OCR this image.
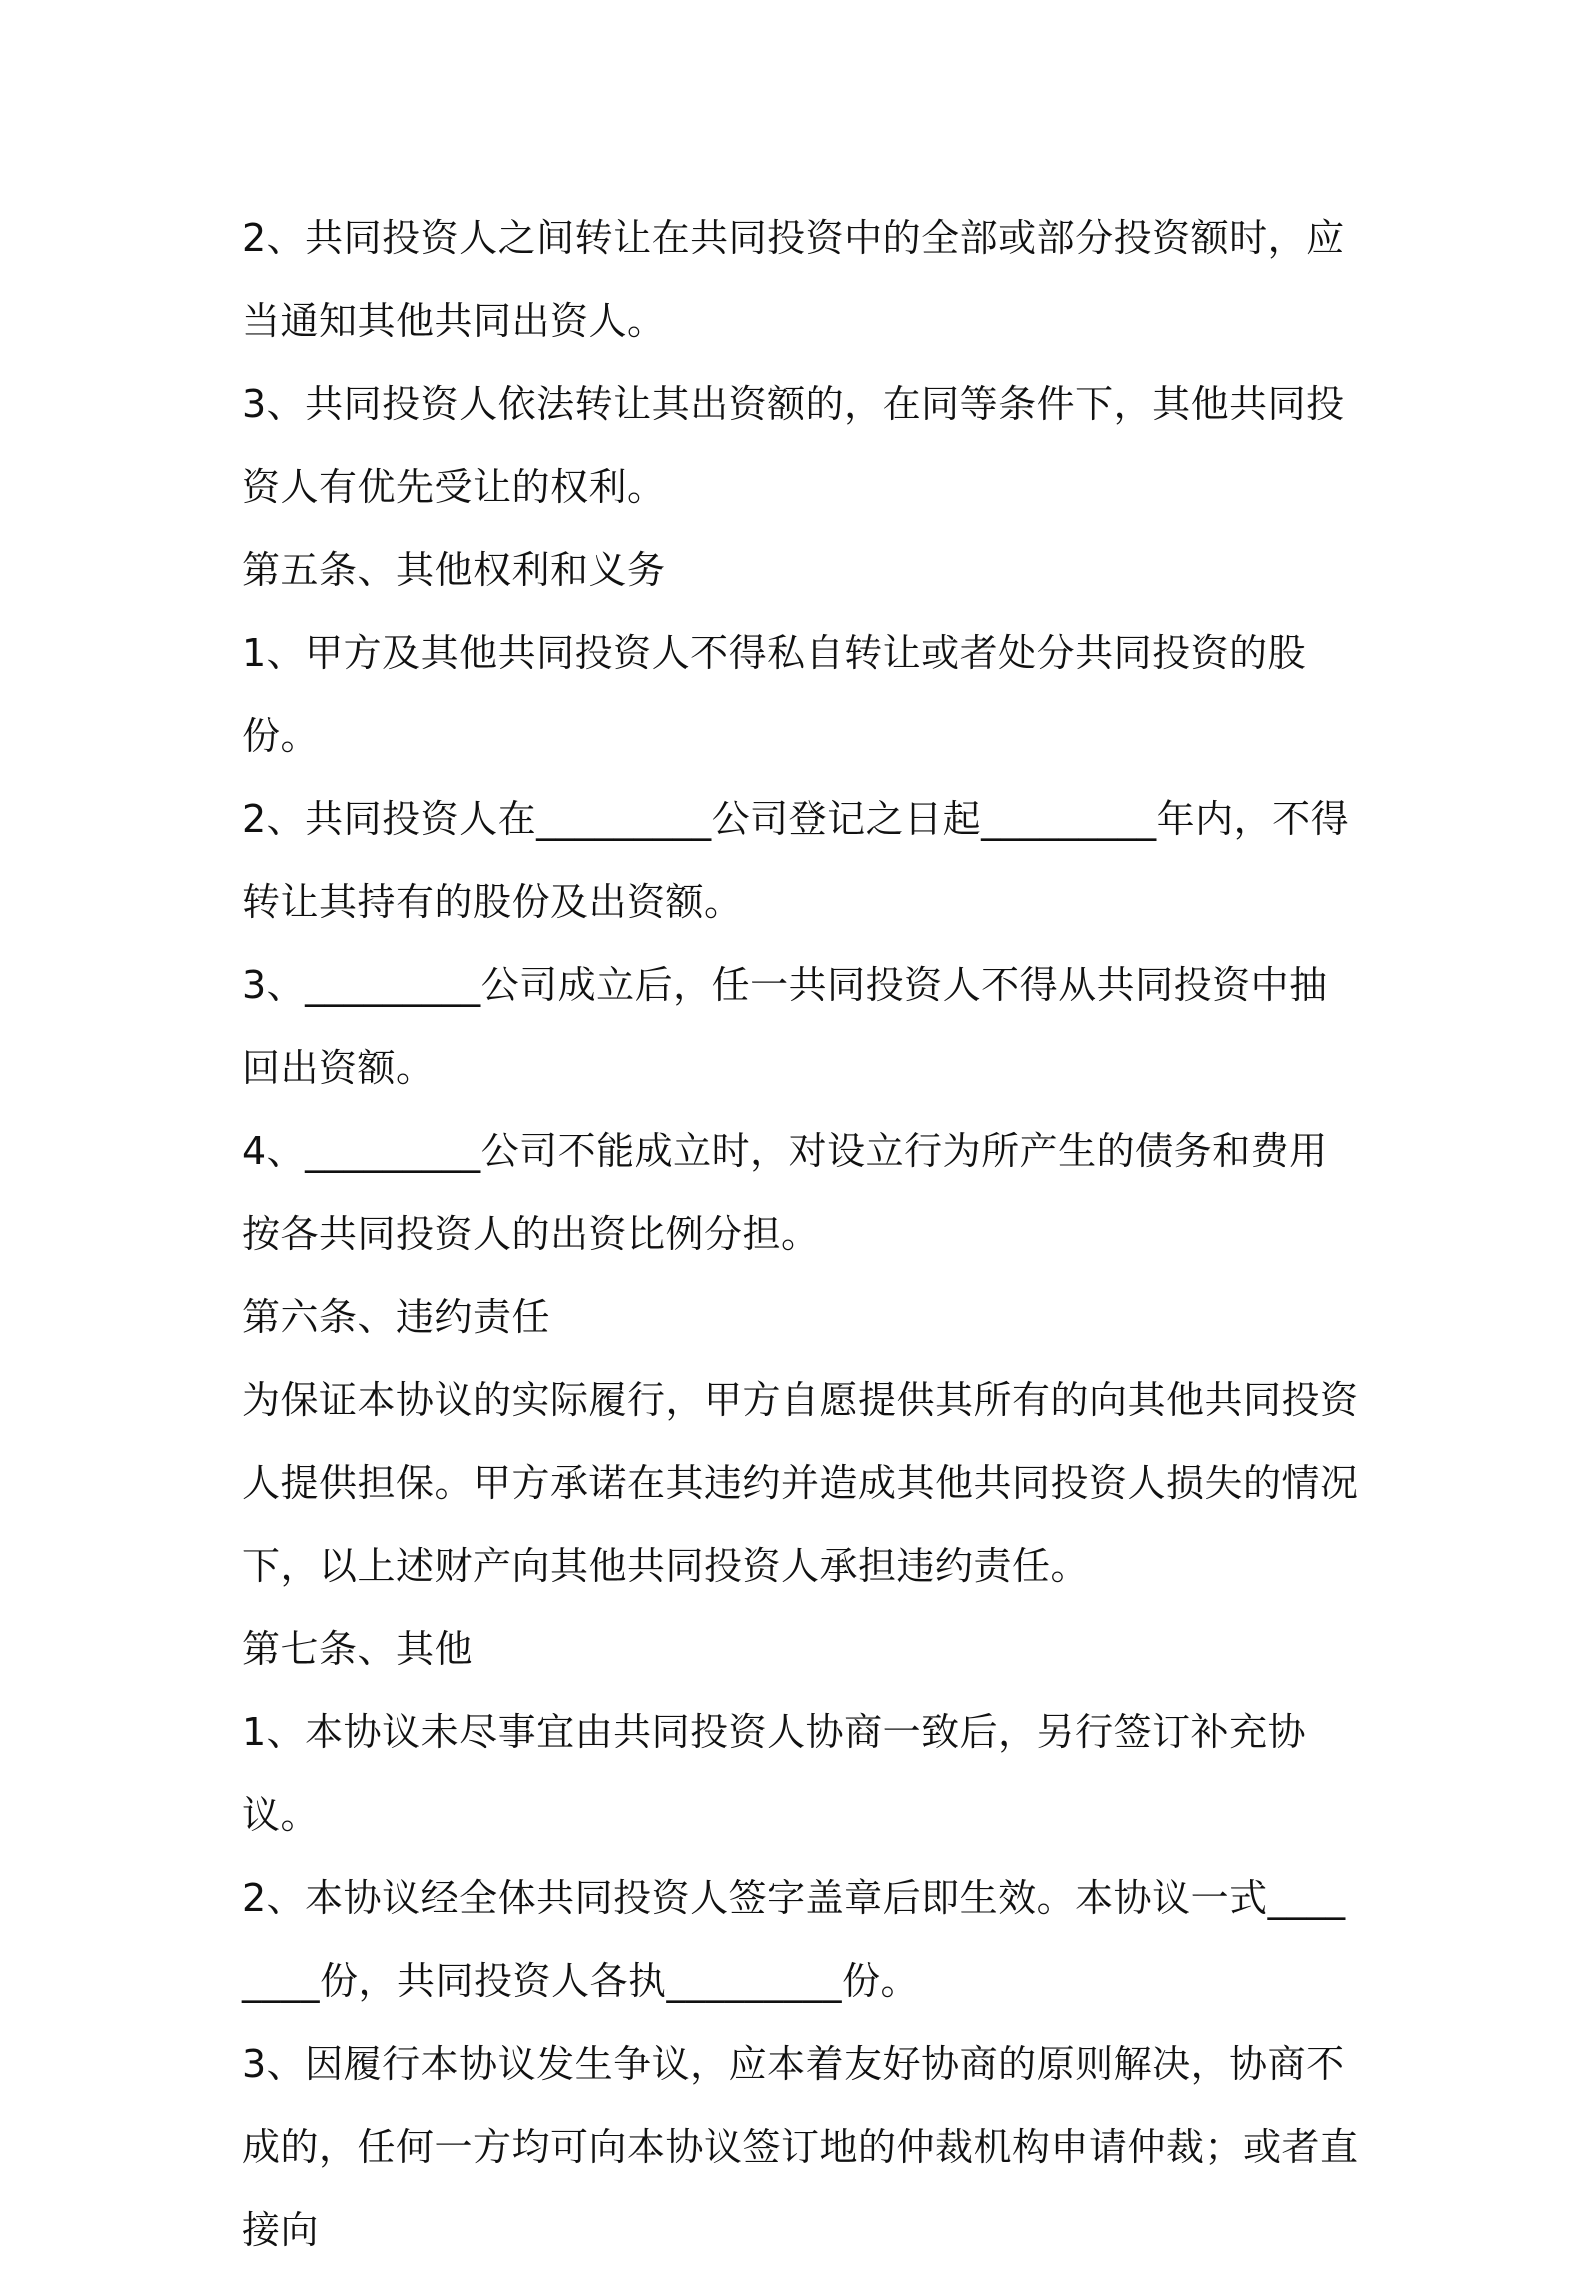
2、共同投资人之间转让在共同投资中的全部或部分投资额时，应当通知其他共同出资人。

3、共同投资人依法转让其出资额的，在同等条件下，其他共同投资人有优先受让的权利。

第五条、其他权利和义务

1、甲方及其他共同投资人不得私自转让或者处分共同投资的股份。

2、共同投资人在_________公司登记之日起_________年内，不得转让其持有的股份及出资额。

3、_________公司成立后，任一共同投资人不得从共同投资中抽回出资额。

4、_________公司不能成立时，对设立行为所产生的债务和费用按各共同投资人的出资比例分担。

第六条、违约责任

为保证本协议的实际履行，甲方自愿提供其所有的向其他共同投资人提供担保。甲方承诺在其违约并造成其他共同投资人损失的情况下，以上述财产向其他共同投资人承担违约责任。

第七条、其他

1、本协议未尽事宜由共同投资人协商一致后，另行签订补充协议。

2、本协议经全体共同投资人签字盖章后即生效。本协议一式________份，共同投资人各执_________份。

3、因履行本协议发生争议，应本着友好协商的原则解决，协商不成的，任何一方均可向本协议签订地的仲裁机构申请仲裁；或者直接向
